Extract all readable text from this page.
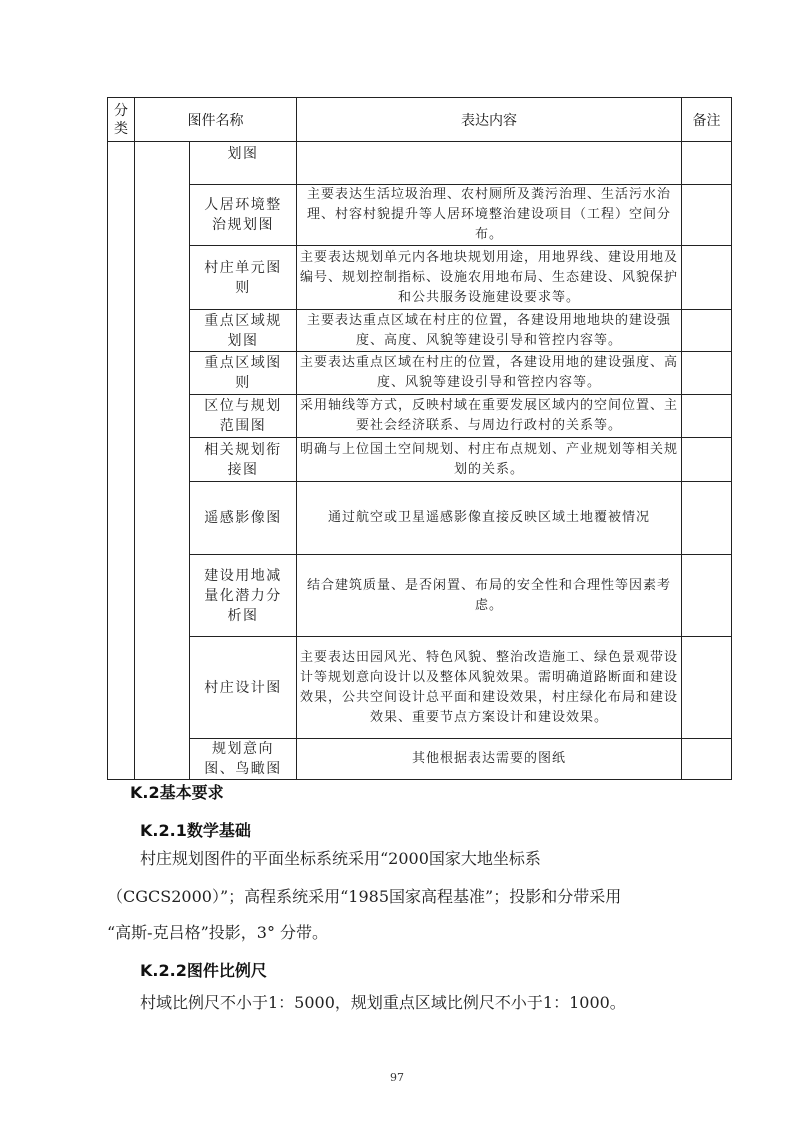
分
类	图件名称		表达内容	备注
		划图		
		人居环境整治规划图	主要表达生活垃圾治理、农村厕所及粪污治理、生活污水治理、村容村貌提升等人居环境整治建设项目（工程）空间分布。	
		村庄单元图则	主要表达规划单元内各地块规划用途，用地界线、建设用地及编号、规划控制指标、设施农用地布局、生态建设、风貌保护和公共服务设施建设要求等。	
		重点区域规划图	主要表达重点区域在村庄的位置，各建设用地地块的建设强度、高度、风貌等建设引导和管控内容等。	
		重点区域图则	主要表达重点区域在村庄的位置，各建设用地的建设强度、高度、风貌等建设引导和管控内容等。	
		区位与规划范围图	采用轴线等方式，反映村域在重要发展区域内的空间位置、主要社会经济联系、与周边行政村的关系等。	
		相关规划衔接图	明确与上位国土空间规划、村庄布点规划、产业规划等相关规划的关系。	
		遥感影像图	通过航空或卫星遥感影像直接反映区域土地覆被情况	
		建设用地减量化潜力分析图	结合建筑质量、是否闲置、布局的安全性和合理性等因素考虑。	
		村庄设计图	主要表达田园风光、特色风貌、整治改造施工、绿色景观带设计等规划意向设计以及整体风貌效果。需明确道路断面和建设效果，公共空间设计总平面和建设效果，村庄绿化布局和建设效果、重要节点方案设计和建设效果。	
		规划意向图、鸟瞰图	其他根据表达需要的图纸	
K.2基本要求
K.2.1数学基础
村庄规划图件的平面坐标系统采用“2000国家大地坐标系
（CGCS2000）”；高程系统采用“1985国家高程基准”；投影和分带采用
“高斯-克吕格”投影，3° 分带。
K.2.2图件比例尺
村域比例尺不小于1：5000，规划重点区域比例尺不小于1：1000。
97
